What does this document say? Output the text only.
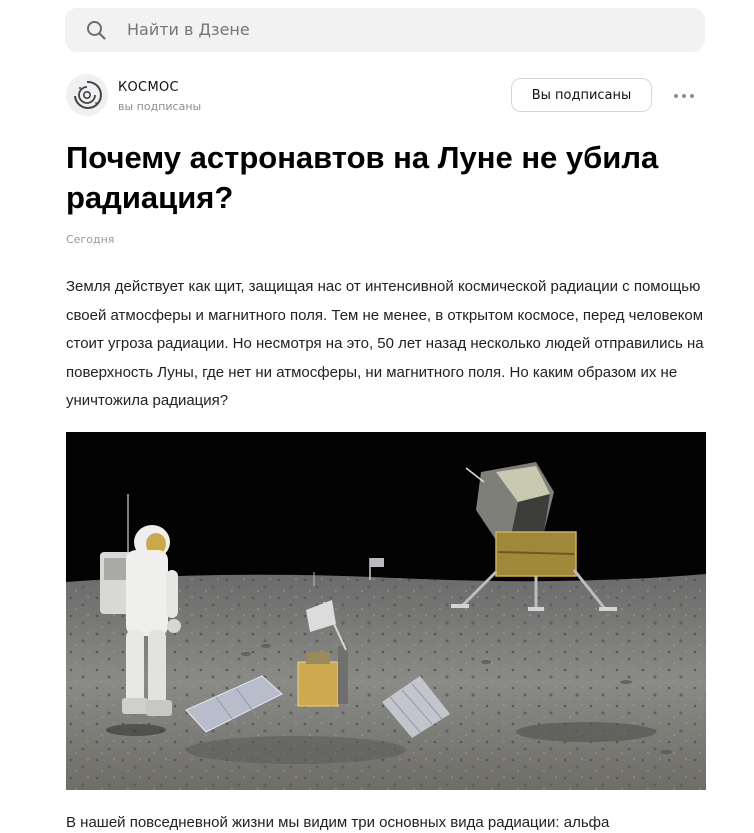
Найти в Дзене
КОСМОС
вы подписаны
Вы подписаны
Почему астронавтов на Луне не убила радиация?
Сегодня
Земля действует как щит, защищая нас от интенсивной космической радиации с помощью своей атмосферы и магнитного поля. Тем не менее, в открытом космосе, перед человеком стоит угроза радиации. Но несмотря на это, 50 лет назад несколько людей отправились на поверхность Луны, где нет ни атмосферы, ни магнитного поля. Но каким образом их не уничтожила радиация?
В нашей повседневной жизни мы видим три основных вида радиации: альфа
